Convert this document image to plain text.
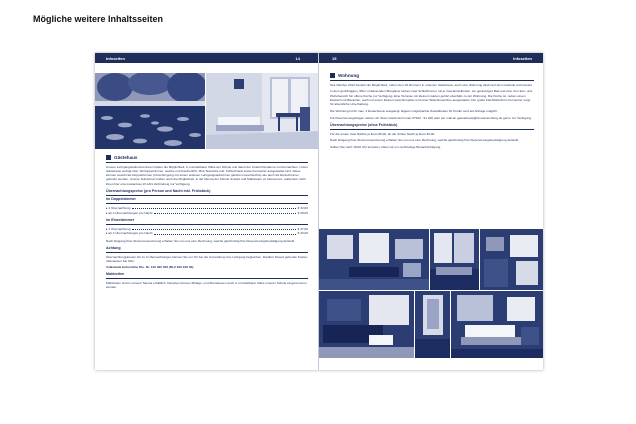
Mögliche weitere Inhaltsseiten
Infoseiten	14
Gästehaus

Unsere Lehrgangsteilnehmerinnen haben die Möglichkeit, in unmittelbarer Nähe der Schule und damit der Unterrichtsräume zu übernachten. Unser Gästehaus verfügt über 18 Doppelzimmer, welche mit Dusche/WC, Mini-Teeküche inkl. Kühlschrank sowie Fernseher ausgestattet sind. Diese können sowohl als Doppelzimmer (Unterbringung mit einem anderen Lehrgangsteilnehmer gleichen Geschlechts) wie auch als Einzelzimmer gebucht werden. Unsere Teilnehmer haben auch die Möglichkeit, in der Mensa der Schule Snacks und Mahlzeiten zu bekommen, außerdem steht ihnen hier eine kostenlose W-LAN-Verbindung zur Verfügung.

Übernachtungspreise (pro Person und Nacht inkl. Frühstück)
im Doppelzimmer
▸ 1 Übernachtung	€ 32,00
▸ ab 4 Übernachtungen pro Nacht	€ 28,00
im Einzelzimmer
▸ 1 Übernachtung	€ 47,00
▸ ab 4 Übernachtungen pro Nacht	€ 43,00

Nach Eingang Ihrer Zimmerreservierung erhalten Sie von uns eine Rechnung, welche gleichzeitig Ihre Reservierungsbestätigung darstellt.

Achtung

Übernachtungskosten bis zu 3 Übernachtungen können Sie vor Ort bei der Anmeldung zum Lehrgang begleichen. Darüber hinaus gehende Kosten überweisen Sie bitte:

Volksbank Hohenlohe Kto. Nr. 126 300 003 (BLZ 620 918 00).

Mahlzeiten

Mahlzeiten sind in unserer Mensa erhältlich. Daneben können Mittags- und Abendessen auch in unmittelbarer Nähe unserer Schule eingenommen werden.

15	Infoseiten
Wohnung

Seit Oktober 2012 besteht die Möglichkeit, neben den 18 Zimmern in unserem Gästehaus, auch eine Wohnung direkt auf dem Gelände anzumieten.

In dem großzügigen, 95m² umfassenden Bungalow stehen zwei Schlafzimmer mit je zwei Einzelbetten, ein geräumiges Bad und eine zum Ess- und Wohnbereich hin offene Küche zur Verfügung. Eine Terrasse mit kleinem Garten gehört ebenfalls zu der Wohnung. Die Küche ist, neben einem Esstisch mit Backofen, auch mit einem kleinen Geschirrspüler und einer Waschmaschine ausgestattet. Der große Flachbildschirm Fernseher sorgt für abendliche Unterhaltung.

Die Wohnung ist für max. 4 Erwachsene ausgelegt. Eigens mitgebrachte Zustellbetten für Kinder sind auf Anfrage möglich.

Für Reservierungsfragen stehen wir Ihnen telefonisch unter 07942 - 91 200 oder per mail an gaestehaus@bk-weissenburg.de gerne zur Verfügung.

Übernachtungspreise (ohne Frühstück)

Für die ersten zwei Nächte je Euro 80,00, ab der dritten Nacht je Euro 60,00.

Nach Eingang Ihrer Zimmerreservierung erhalten Sie von uns eine Rechnung, welche gleichzeitig Ihre Reservierungsbestätigung darstellt.

Sollten Sie nach 18:00 Uhr anreisen, bitten wir um rechtzeitige Benachrichtigung.
